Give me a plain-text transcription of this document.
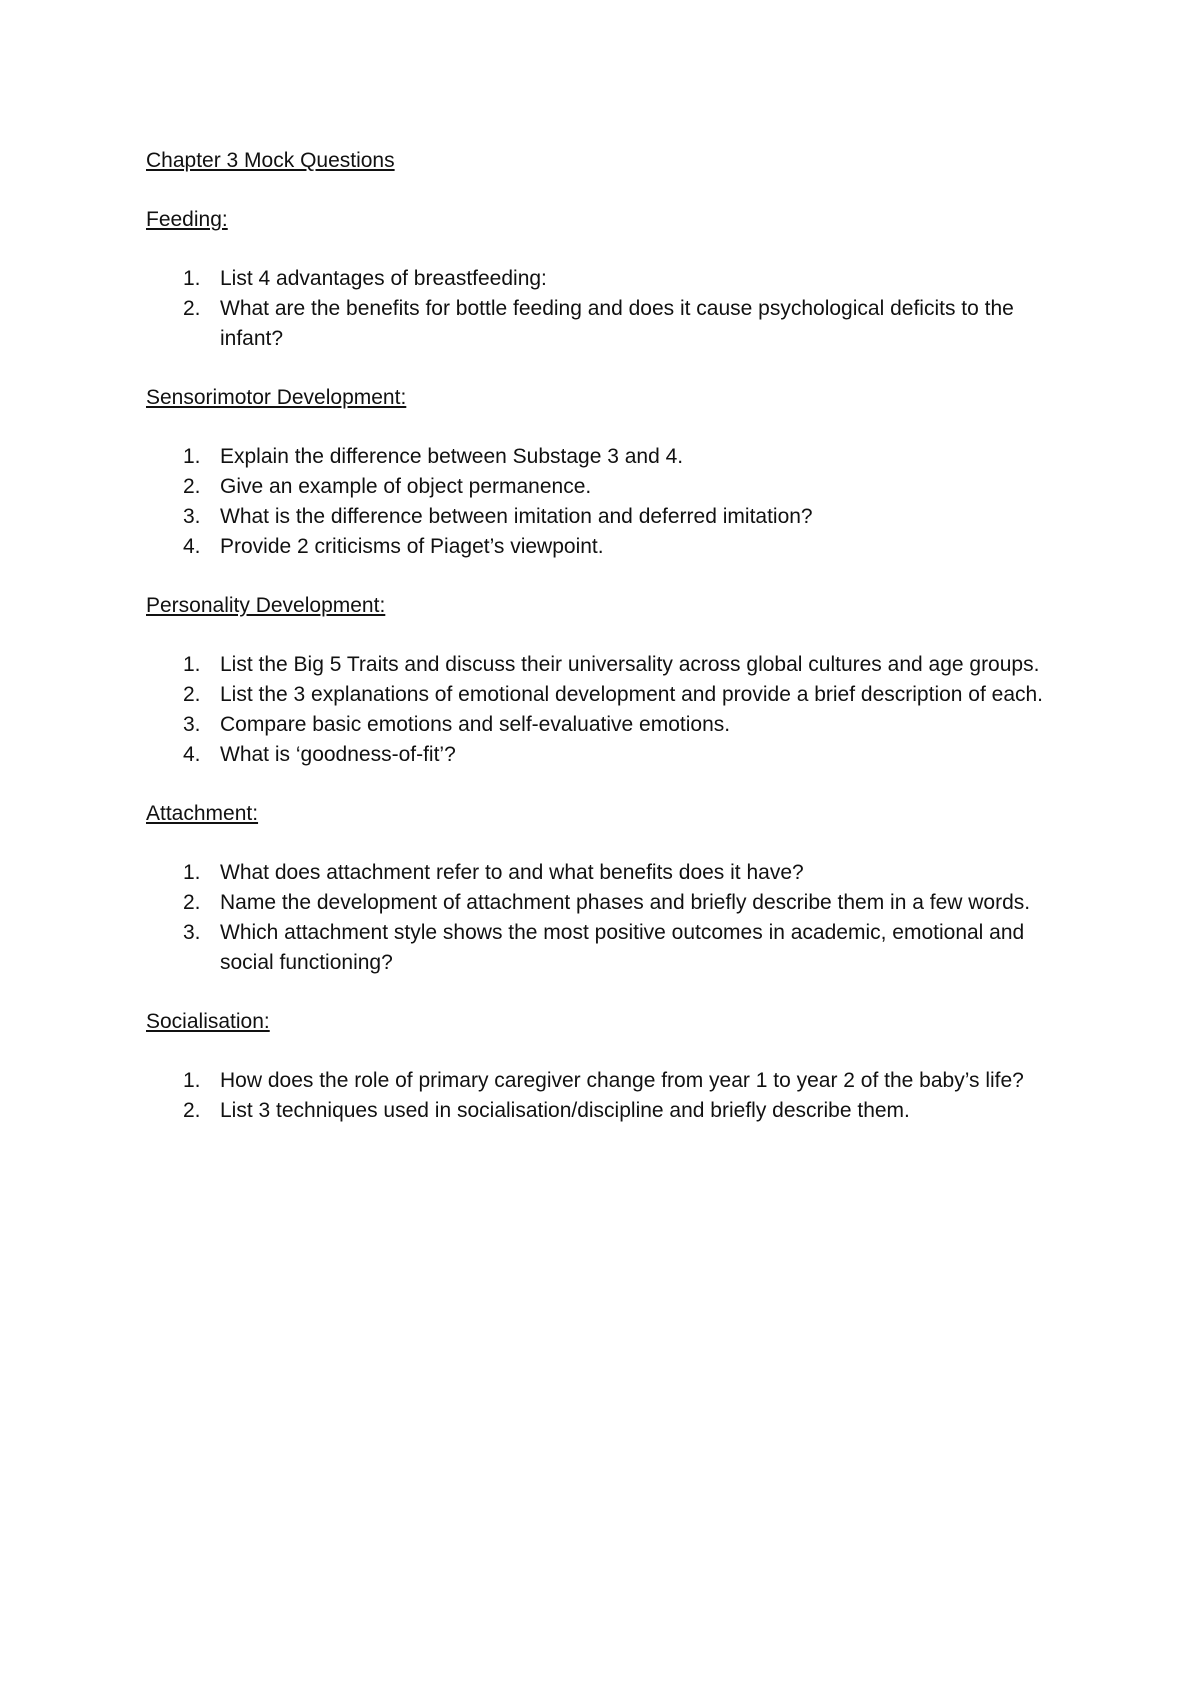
Chapter 3 Mock Questions
Feeding:
1. List 4 advantages of breastfeeding:
2. What are the benefits for bottle feeding and does it cause psychological deficits to the infant?
Sensorimotor Development:
1. Explain the difference between Substage 3 and 4.
2. Give an example of object permanence.
3. What is the difference between imitation and deferred imitation?
4. Provide 2 criticisms of Piaget’s viewpoint.
Personality Development:
1. List the Big 5 Traits and discuss their universality across global cultures and age groups.
2. List the 3 explanations of emotional development and provide a brief description of each.
3. Compare basic emotions and self-evaluative emotions.
4. What is ‘goodness-of-fit’?
Attachment:
1. What does attachment refer to and what benefits does it have?
2. Name the development of attachment phases and briefly describe them in a few words.
3. Which attachment style shows the most positive outcomes in academic, emotional and social functioning?
Socialisation:
1. How does the role of primary caregiver change from year 1 to year 2 of the baby’s life?
2. List 3 techniques used in socialisation/discipline and briefly describe them.
